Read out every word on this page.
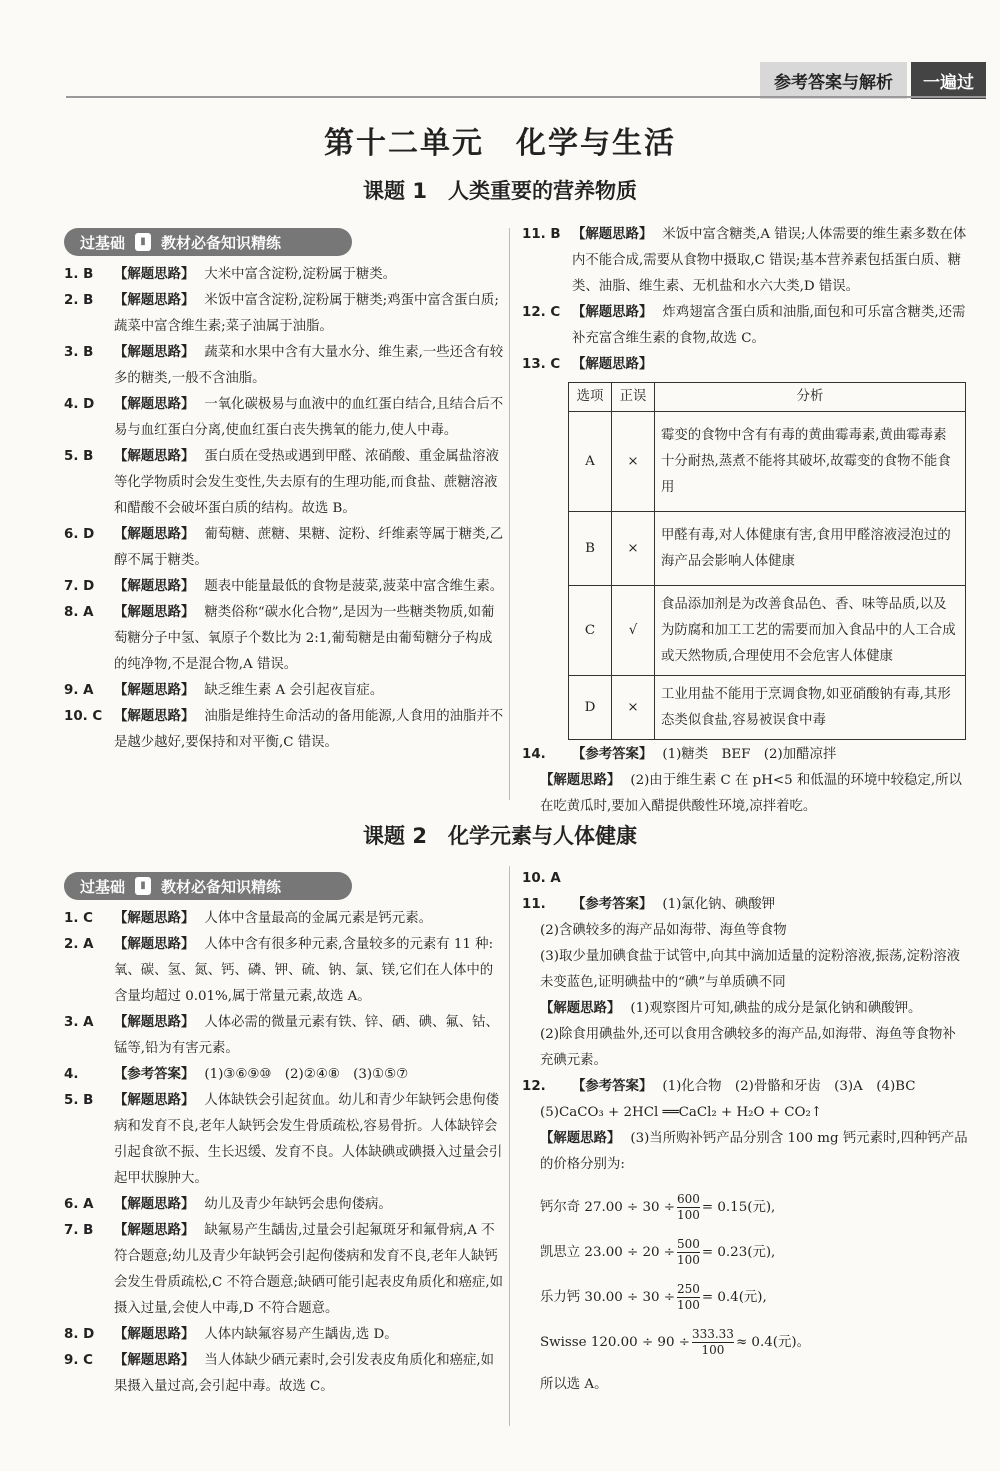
参考答案与解析	一遍过
第十二单元　化学与生活
课题 1　人类重要的营养物质
过基础	▮	教材必备知识精练
1. B	【解题思路】 大米中富含淀粉,淀粉属于糖类。
2. B	【解题思路】 米饭中富含淀粉,淀粉属于糖类;鸡蛋中富含蛋白质;蔬菜中富含维生素;菜子油属于油脂。
3. B	【解题思路】 蔬菜和水果中含有大量水分、维生素,一些还含有较多的糖类,一般不含油脂。
4. D	【解题思路】 一氧化碳极易与血液中的血红蛋白结合,且结合后不易与血红蛋白分离,使血红蛋白丧失携氧的能力,使人中毒。
5. B	【解题思路】 蛋白质在受热或遇到甲醛、浓硝酸、重金属盐溶液等化学物质时会发生变性,失去原有的生理功能,而食盐、蔗糖溶液和醋酸不会破坏蛋白质的结构。故选 B。
6. D	【解题思路】 葡萄糖、蔗糖、果糖、淀粉、纤维素等属于糖类,乙醇不属于糖类。
7. D	【解题思路】 题表中能量最低的食物是菠菜,菠菜中富含维生素。
8. A	【解题思路】 糖类俗称“碳水化合物”,是因为一些糖类物质,如葡萄糖分子中氢、氧原子个数比为 2:1,葡萄糖是由葡萄糖分子构成的纯净物,不是混合物,A 错误。
9. A	【解题思路】 缺乏维生素 A 会引起夜盲症。
10. C 【解题思路】 油脂是维持生命活动的备用能源,人食用的油脂并不是越少越好,要保持和对平衡,C 错误。
11. B 【解题思路】 米饭中富含糖类,A 错误;人体需要的维生素多数在体内不能合成,需要从食物中摄取,C 错误;基本营养素包括蛋白质、糖类、油脂、维生素、无机盐和水六大类,D 错误。
12. C 【解题思路】 炸鸡翅富含蛋白质和油脂,面包和可乐富含糖类,还需补充富含维生素的食物,故选 C。
13. C 【解题思路】
选项	正误	分析
A	×	霉变的食物中含有有毒的黄曲霉毒素,黄曲霉毒素十分耐热,蒸煮不能将其破坏,故霉变的食物不能食用
B	×	甲醛有毒,对人体健康有害,食用甲醛溶液浸泡过的海产品会影响人体健康
C	√	食品添加剂是为改善食品色、香、味等品质,以及为防腐和加工工艺的需要而加入食品中的人工合成或天然物质,合理使用不会危害人体健康
D	×	工业用盐不能用于烹调食物,如亚硝酸钠有毒,其形态类似食盐,容易被误食中毒
14.	【参考答案】 (1)糖类　BEF　(2)加醋凉拌
【解题思路】 (2)由于维生素 C 在 pH<5 和低温的环境中较稳定,所以在吃黄瓜时,要加入醋提供酸性环境,凉拌着吃。
课题 2　化学元素与人体健康
过基础	▮	教材必备知识精练
1. C	【解题思路】 人体中含量最高的金属元素是钙元素。
2. A	【解题思路】 人体中含有很多种元素,含量较多的元素有 11 种:氧、碳、氢、氮、钙、磷、钾、硫、钠、氯、镁,它们在人体中的含量均超过 0.01%,属于常量元素,故选 A。
3. A	【解题思路】 人体必需的微量元素有铁、锌、硒、碘、氟、钴、锰等,铅为有害元素。
4.	【参考答案】 (1)③⑥⑨⑩　(2)②④⑧　(3)①⑤⑦
5. B	【解题思路】 人体缺铁会引起贫血。幼儿和青少年缺钙会患佝偻病和发育不良,老年人缺钙会发生骨质疏松,容易骨折。人体缺锌会引起食欲不振、生长迟缓、发育不良。人体缺碘或碘摄入过量会引起甲状腺肿大。
6. A	【解题思路】 幼儿及青少年缺钙会患佝偻病。
7. B	【解题思路】 缺氟易产生龋齿,过量会引起氟斑牙和氟骨病,A 不符合题意;幼儿及青少年缺钙会引起佝偻病和发育不良,老年人缺钙会发生骨质疏松,C 不符合题意;缺硒可能引起表皮角质化和癌症,如摄入过量,会使人中毒,D 不符合题意。
8. D	【解题思路】 人体内缺氟容易产生龋齿,选 D。
9. C	【解题思路】 当人体缺少硒元素时,会引发表皮角质化和癌症,如果摄入量过高,会引起中毒。故选 C。
10. A
11.	【参考答案】 (1)氯化钠、碘酸钾
(2)含碘较多的海产品如海带、海鱼等食物
(3)取少量加碘食盐于试管中,向其中滴加适量的淀粉溶液,振荡,淀粉溶液未变蓝色,证明碘盐中的“碘”与单质碘不同
【解题思路】 (1)观察图片可知,碘盐的成分是氯化钠和碘酸钾。
(2)除食用碘盐外,还可以食用含碘较多的海产品,如海带、海鱼等食物补充碘元素。
12.	【参考答案】 (1)化合物　(2)骨骼和牙齿　(3)A　(4)BC
(5)CaCO₃ + 2HCl ══CaCl₂ + H₂O + CO₂↑
【解题思路】 (3)当所购补钙产品分别含 100 mg 钙元素时,四种钙产品的价格分别为:
钙尔奇 $27.00 \div 30 \div \frac{600}{100} = 0.15$(元),
凯思立 $23.00 \div 20 \div \frac{500}{100} = 0.23$(元),
乐力钙 $30.00 \div 30 \div \frac{250}{100} = 0.4$(元),
Swisse $120.00 \div 90 \div \frac{333.33}{100} \approx 0.4$(元)。
所以选 A。
